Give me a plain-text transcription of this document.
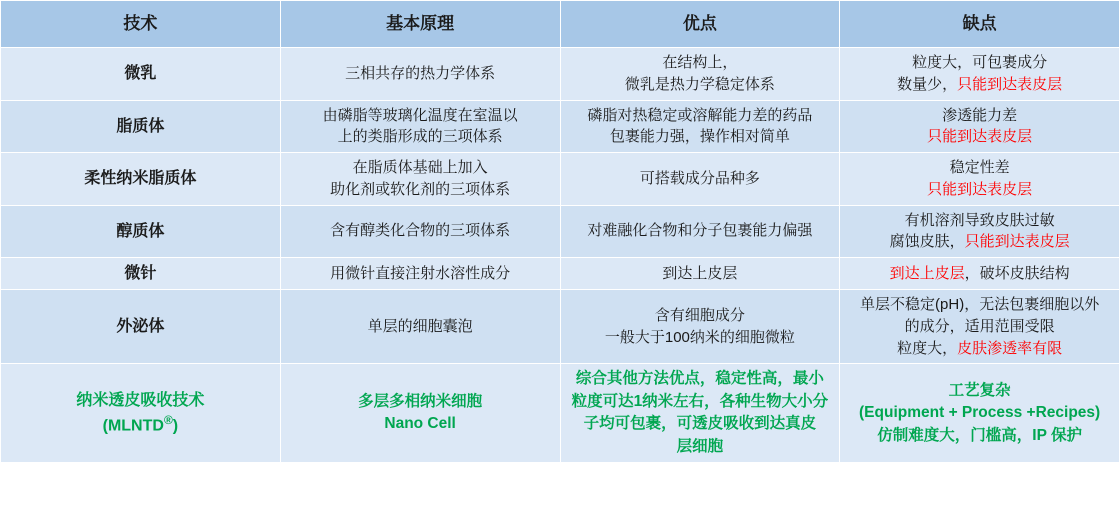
技术	基本原理	优点	缺点

微乳	三相共存的热力学体系	在结构上，
微乳是热力学稳定体系	粒度大，可包裹成分
数量少，只能到达表皮层

脂质体	由磷脂等玻璃化温度在室温以
上的类脂形成的三项体系	磷脂对热稳定或溶解能力差的药品
包裹能力强，操作相对简单	渗透能力差
只能到达表皮层

柔性纳米脂质体	在脂质体基础上加入
助化剂或软化剂的三项体系	可搭载成分品种多	稳定性差
只能到达表皮层

醇质体	含有醇类化合物的三项体系	对难融化合物和分子包裹能力偏强	有机溶剂导致皮肤过敏
腐蚀皮肤，只能到达表皮层

微针	用微针直接注射水溶性成分	到达上皮层	到达上皮层，破坏皮肤结构

外泌体	单层的细胞囊泡	含有细胞成分
一般大于100纳米的细胞微粒	单层不稳定(pH)，无法包裹细胞以外
的成分，适用范围受限
粒度大，皮肤渗透率有限

纳米透皮吸收技术
(MLNTD®)	多层多相纳米细胞
Nano Cell	综合其他方法优点，稳定性高，最小
粒度可达1纳米左右，各种生物大小分
子均可包裹，可透皮吸收到达真皮
层细胞	工艺复杂
(Equipment + Process +Recipes)
仿制难度大，门槛高，IP 保护
